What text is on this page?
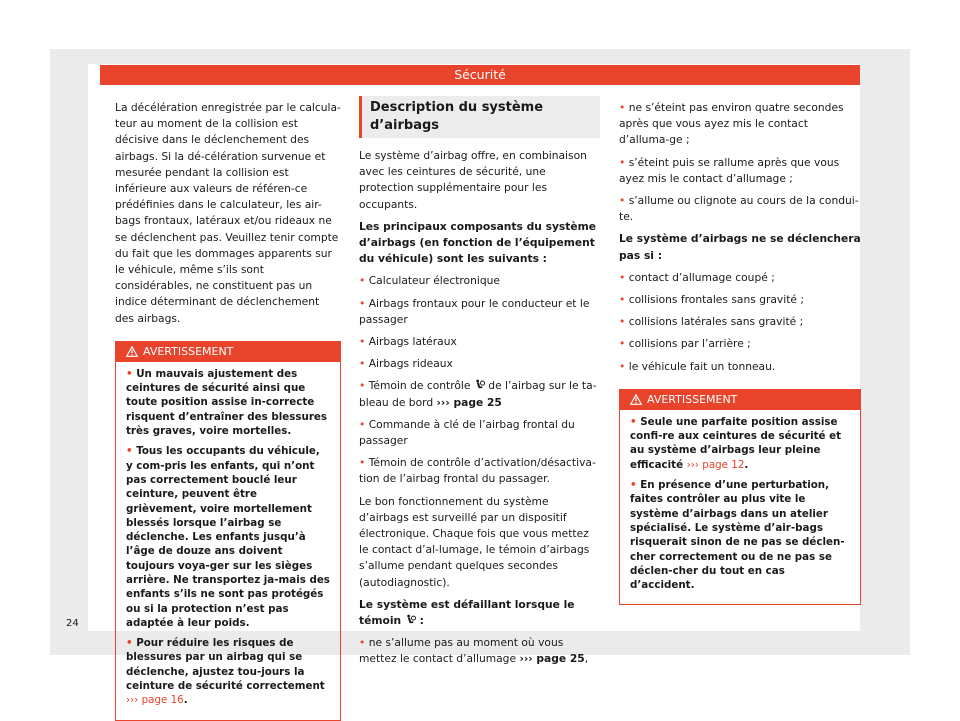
Sécurité

La décélération enregistrée par le calcula-teur au moment de la collision est décisive dans le déclenchement des airbags. Si la dé-célération survenue et mesurée pendant la collision est inférieure aux valeurs de référen-ce prédéfinies dans le calculateur, les air-bags frontaux, latéraux et/ou rideaux ne se déclenchent pas. Veuillez tenir compte du fait que les dommages apparents sur le véhicule, même s’ils sont considérables, ne constituent pas un indice déterminant de déclenchement des airbags.

AVERTISSEMENT
• Un mauvais ajustement des ceintures de sécurité ainsi que toute position assise in-correcte risquent d’entraîner des blessures très graves, voire mortelles.
• Tous les occupants du véhicule, y com-pris les enfants, qui n’ont pas correctement bouclé leur ceinture, peuvent être grièvement, voire mortellement blessés lorsque l’airbag se déclenche. Les enfants jusqu’à l’âge de douze ans doivent toujours voya-ger sur les sièges arrière. Ne transportez ja-mais des enfants s’ils ne sont pas protégés ou si la protection n’est pas adaptée à leur poids.
• Pour réduire les risques de blessures par un airbag qui se déclenche, ajustez tou-jours la ceinture de sécurité correctement ››› page 16.
Description du système d’airbags

Le système d’airbag offre, en combinaison avec les ceintures de sécurité, une protection supplémentaire pour les occupants.

Les principaux composants du système d’airbags (en fonction de l’équipement du véhicule) sont les suivants :

• Calculateur électronique
• Airbags frontaux pour le conducteur et le passager
• Airbags latéraux
• Airbags rideaux
• Témoin de contrôle de l’airbag sur le ta-bleau de bord ››› page 25
• Commande à clé de l’airbag frontal du passager
• Témoin de contrôle d’activation/désactiva-tion de l’airbag frontal du passager.

Le bon fonctionnement du système d’airbags est surveillé par un dispositif électronique. Chaque fois que vous mettez le contact d’al-lumage, le témoin d’airbags s’allume pendant quelques secondes (autodiagnostic).

Le système est défaillant lorsque le témoin :

• ne s’allume pas au moment où vous mettez le contact d’allumage ››› page 25,
• ne s’éteint pas environ quatre secondes après que vous ayez mis le contact d’alluma-ge ;
• s’éteint puis se rallume après que vous ayez mis le contact d’allumage ;
• s’allume ou clignote au cours de la condui-te.

Le système d’airbags ne se déclenchera pas si :

• contact d’allumage coupé ;
• collisions frontales sans gravité ;
• collisions latérales sans gravité ;
• collisions par l’arrière ;
• le véhicule fait un tonneau.
AVERTISSEMENT
• Seule une parfaite position assise confi-re aux ceintures de sécurité et au système d’airbags leur pleine efficacité ››› page 12.
• En présence d’une perturbation, faites contrôler au plus vite le système d’airbags dans un atelier spécialisé. Le système d’air-bags risquerait sinon de ne pas se déclen-cher correctement ou de ne pas se déclen-cher du tout en cas d’accident.
24
